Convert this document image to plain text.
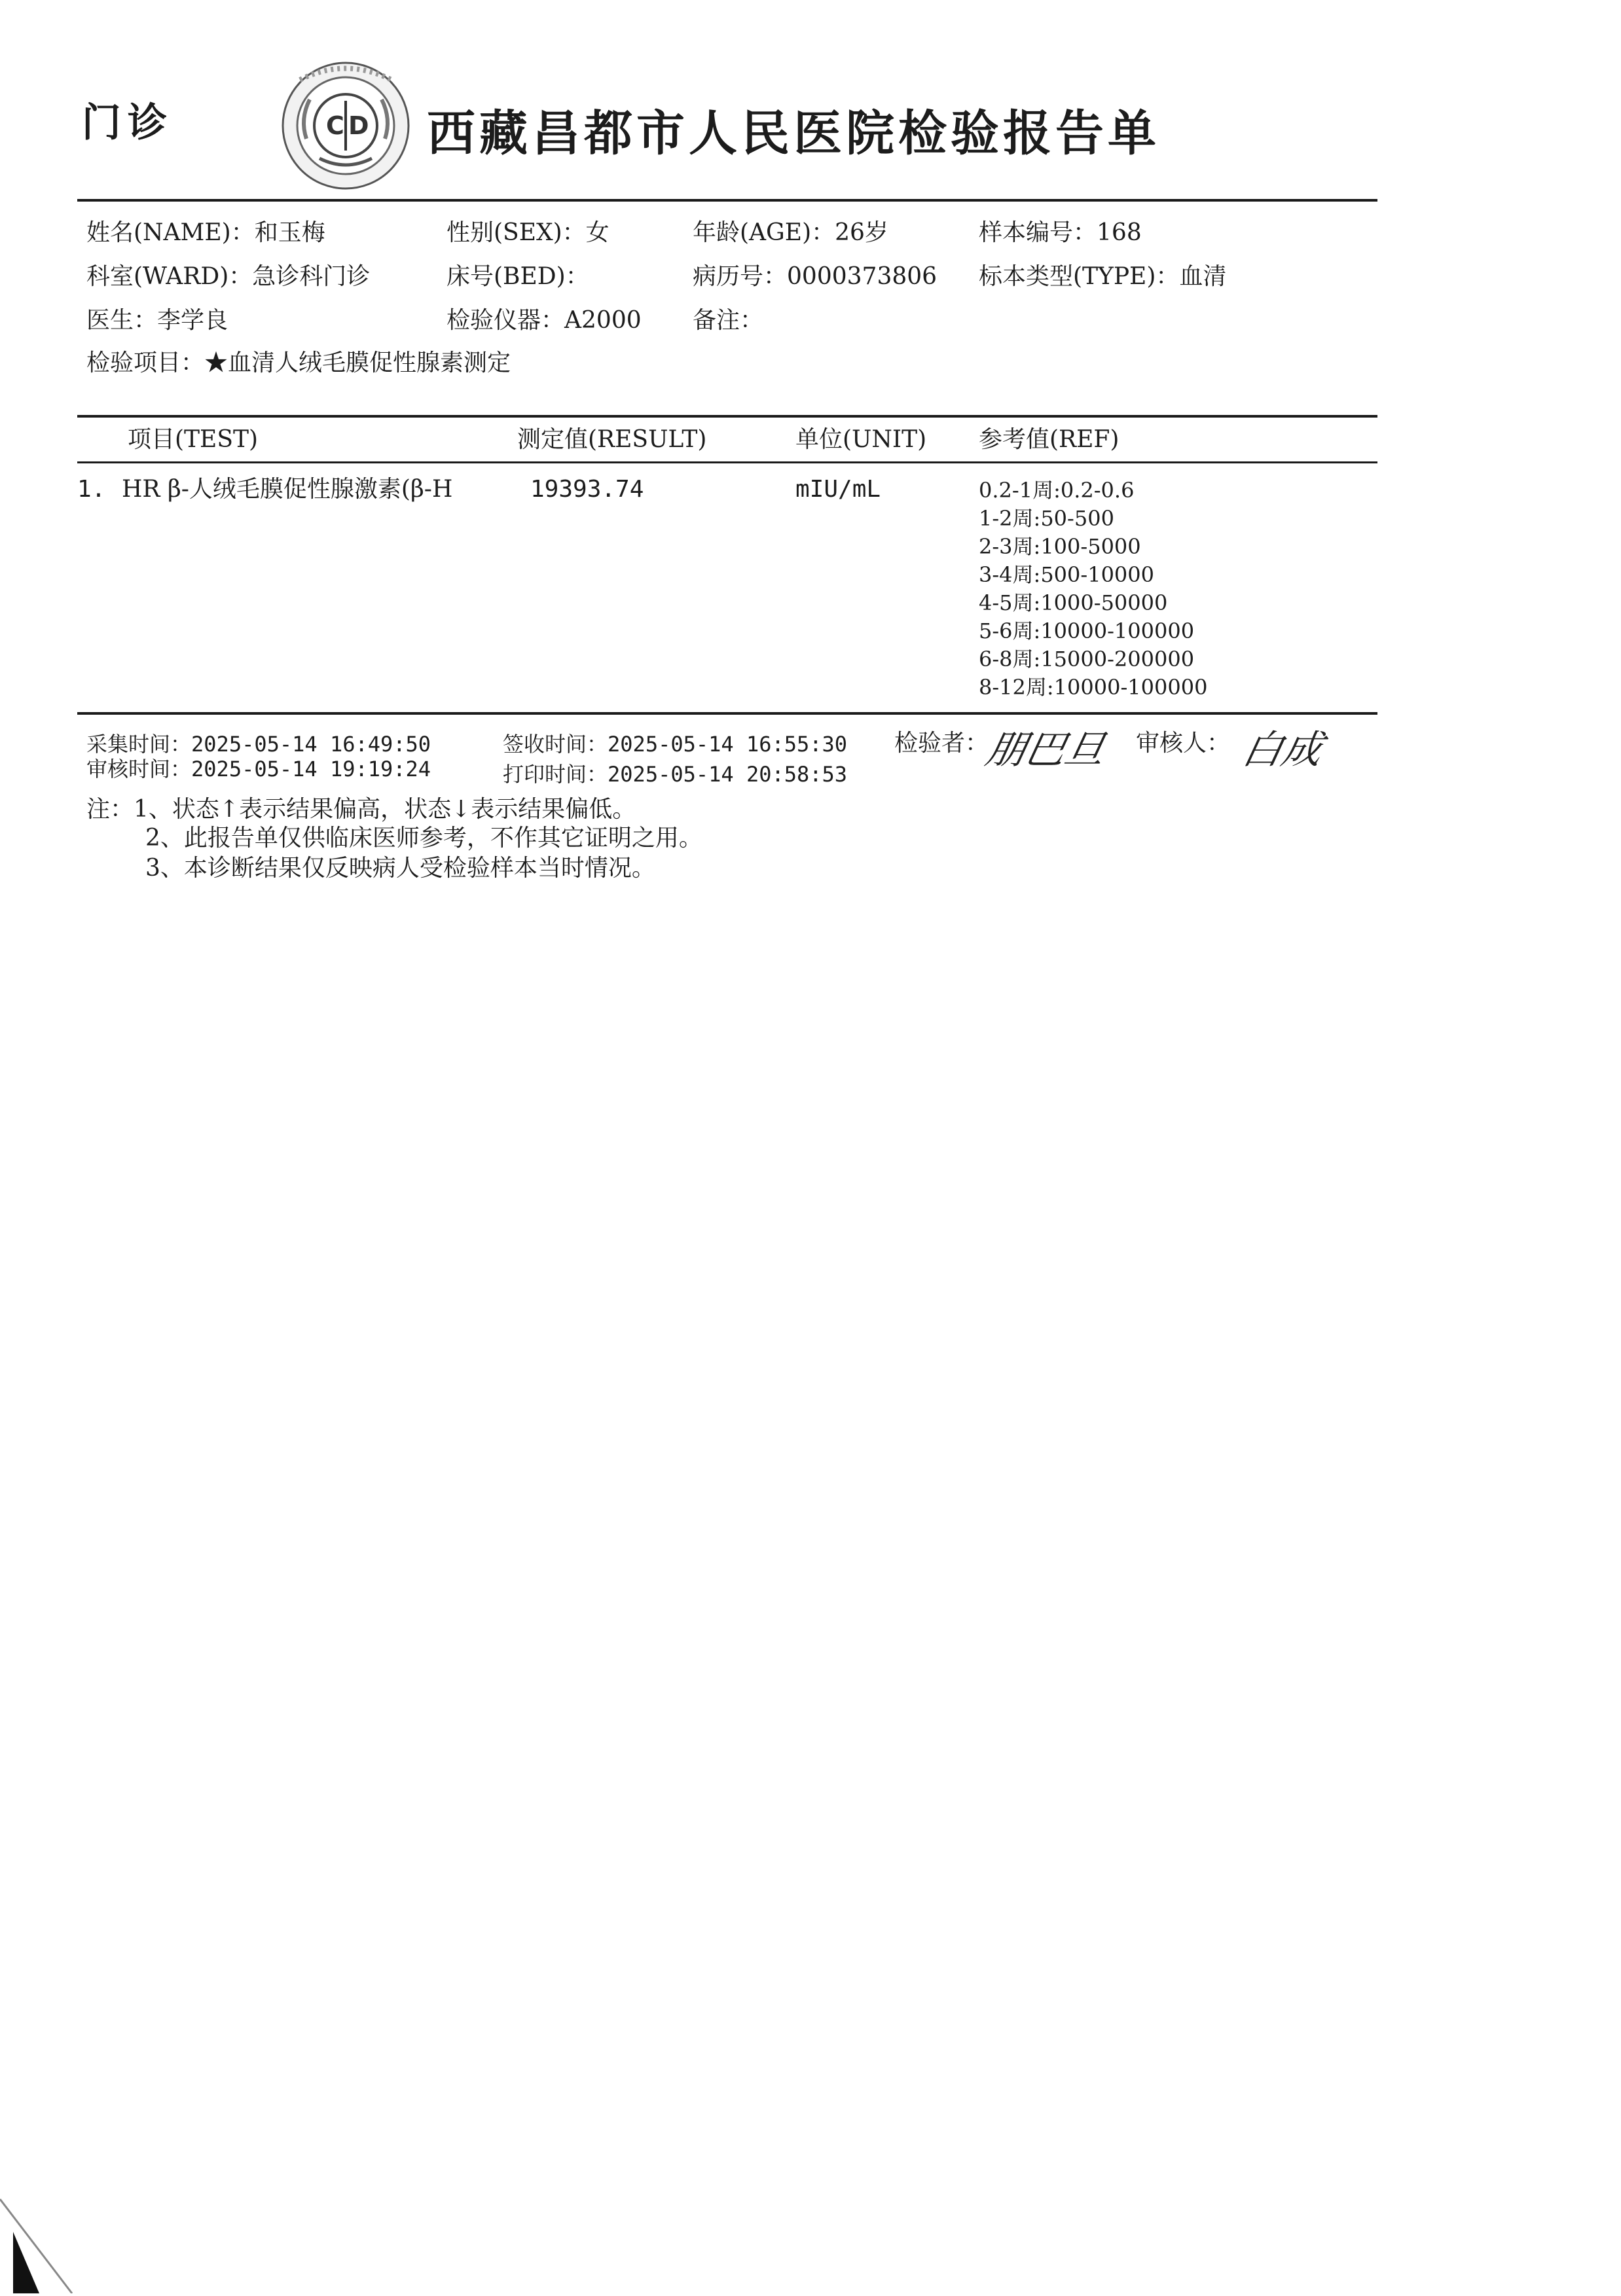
门诊	C D 西藏昌都市人民医院检验报告单
姓名(NAME)：和玉梅	性别(SEX)：女	年龄(AGE)：26岁	样本编号：168
科室(WARD)：急诊科门诊	床号(BED)：	病历号：0000373806 标本类型(TYPE)：血清
医生：李学良	检验仪器：A2000 备注：
检验项目：★血清人绒毛膜促性腺素测定
项目(TEST)	测定值(RESULT)	单位(UNIT) 参考值(REF)
1. HR β-人绒毛膜促性腺激素(β-H	19393.74	mIU/mL	0.2-1周:0.2-0.6
1-2周:50-500
2-3周:100-5000
3-4周:500-10000
4-5周:1000-50000
5-6周:10000-100000
6-8周:15000-200000
8-12周:10000-100000
采集时间：2025-05-14 16:49:50
审核时间：2025-05-14 19:19:24
签收时间：2025-05-14 16:55:30
打印时间：2025-05-14 20:58:53
检验者：
朋巴旦 审核人： 白成
注：1、状态↑表示结果偏高，状态↓表示结果偏低。
2、此报告单仅供临床医师参考，不作其它证明之用。
3、本诊断结果仅反映病人受检验样本当时情况。
